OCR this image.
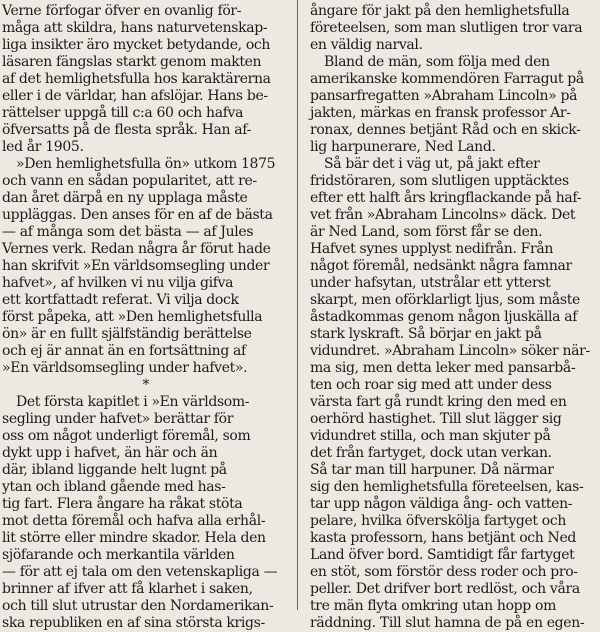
Verne förfogar öfver en ovanlig för-
måga att skildra, hans naturvetenskap-
liga insikter äro mycket betydande, och
läsaren fängslas starkt genom makten
af det hemlighetsfulla hos karaktärerna
eller i de världar, han afslöjar. Hans be-
rättelser uppgå till c:a 60 och hafva
öfversatts på de flesta språk. Han af-
led år 1905.
»Den hemlighetsfulla ön» utkom 1875
och vann en sådan popularitet, att re-
dan året därpå en ny upplaga måste
uppläggas. Den anses för en af de bästa
— af många som det bästa — af Jules
Vernes verk. Redan några år förut hade
han skrifvit »En världsomsegling under
hafvet», af hvilken vi nu vilja gifva
ett kortfattadt referat. Vi vilja dock
först påpeka, att »Den hemlighetsfulla
ön» är en fullt själfständig berättelse
och ej är annat än en fortsättning af
»En världsomsegling under hafvet».
*
Det första kapitlet i »En världsom-
segling under hafvet» berättar för
oss om något underligt föremål, som
dykt upp i hafvet, än här och än
där, ibland liggande helt lugnt på
ytan och ibland gående med has-
tig fart. Flera ångare ha råkat stöta
mot detta föremål och hafva alla erhål-
lit större eller mindre skador. Hela den
sjöfarande och merkantila världen
— för att ej tala om den vetenskapliga —
brinner af ifver att få klarhet i saken,
och till slut utrustar den Nordamerikan-
ska republiken en af sina största krigs-
ångare för jakt på den hemlighetsfulla
företeelsen, som man slutligen tror vara
en väldig narval.
Bland de män, som följa med den
amerikanske kommendören Farragut på
pansarfregatten »Abraham Lincoln» på
jakten, märkas en fransk professor Ar-
ronax, dennes betjänt Råd och en skick-
lig harpunerare, Ned Land.
Så bär det i väg ut, på jakt efter
fridstöraren, som slutligen upptäcktes
efter ett halft års kringflackande på haf-
vet från »Abraham Lincolns» däck. Det
är Ned Land, som först får se den.
Hafvet synes upplyst nedifrån. Från
något föremål, nedsänkt några famnar
under hafsytan, utstrålar ett ytterst
skarpt, men oförklarligt ljus, som måste
åstadkommas genom någon ljuskälla af
stark lyskraft. Så börjar en jakt på
vidundret. »Abraham Lincoln» söker när-
ma sig, men detta leker med pansarbå-
ten och roar sig med att under dess
värsta fart gå rundt kring den med en
oerhörd hastighet. Till slut lägger sig
vidundret stilla, och man skjuter på
det från fartyget, dock utan verkan.
Så tar man till harpuner. Då närmar
sig den hemlighetsfulla företeelsen, kas-
tar upp någon väldiga ång- och vatten-
pelare, hvilka öfverskölja fartyget och
kasta professorn, hans betjänt och Ned
Land öfver bord. Samtidigt får fartyget
en stöt, som förstör dess roder och pro-
peller. Det drifver bort redlöst, och våra
tre män flyta omkring utan hopp om
räddning. Till slut hamna de på en egen-
